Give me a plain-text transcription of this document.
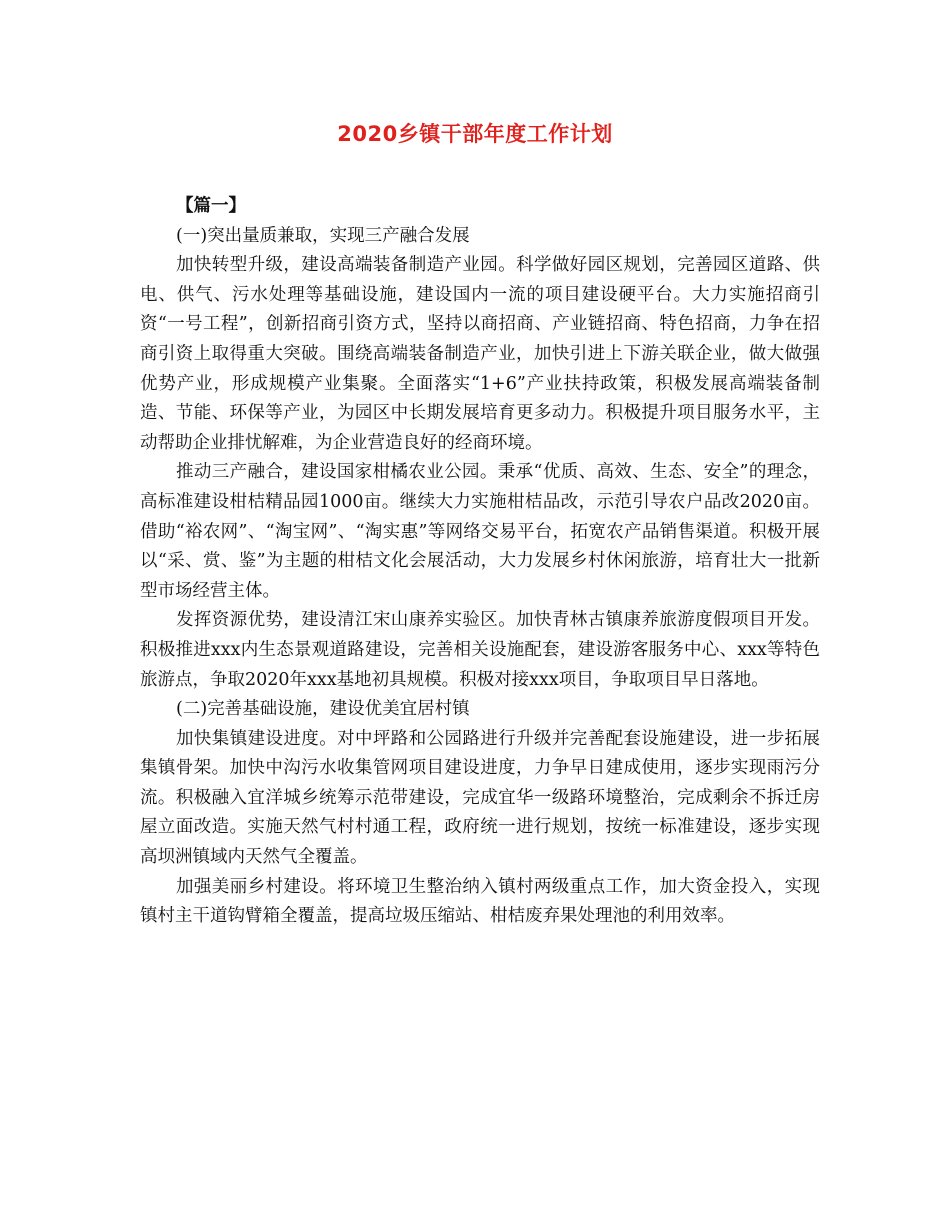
2020乡镇干部年度工作计划

【篇一】

(一)突出量质兼取，实现三产融合发展

加快转型升级，建设高端装备制造产业园。科学做好园区规划，完善园区道路、供电、供气、污水处理等基础设施，建设国内一流的项目建设硬平台。大力实施招商引资“一号工程”，创新招商引资方式，坚持以商招商、产业链招商、特色招商，力争在招商引资上取得重大突破。围绕高端装备制造产业，加快引进上下游关联企业，做大做强优势产业，形成规模产业集聚。全面落实“1+6”产业扶持政策，积极发展高端装备制造、节能、环保等产业，为园区中长期发展培育更多动力。积极提升项目服务水平，主动帮助企业排忧解难，为企业营造良好的经商环境。

推动三产融合，建设国家柑橘农业公园。秉承“优质、高效、生态、安全”的理念，高标准建设柑桔精品园1000亩。继续大力实施柑桔品改，示范引导农户品改2020亩。借助“裕农网”、“淘宝网”、“淘实惠”等网络交易平台，拓宽农产品销售渠道。积极开展以“采、赏、鉴”为主题的柑桔文化会展活动，大力发展乡村休闲旅游，培育壮大一批新型市场经营主体。

发挥资源优势，建设清江宋山康养实验区。加快青林古镇康养旅游度假项目开发。积极推进xxx内生态景观道路建设，完善相关设施配套，建设游客服务中心、xxx等特色旅游点，争取2020年xxx基地初具规模。积极对接xxx项目，争取项目早日落地。

(二)完善基础设施，建设优美宜居村镇

加快集镇建设进度。对中坪路和公园路进行升级并完善配套设施建设，进一步拓展集镇骨架。加快中沟污水收集管网项目建设进度，力争早日建成使用，逐步实现雨污分流。积极融入宜洋城乡统筹示范带建设，完成宜华一级路环境整治，完成剩余不拆迁房屋立面改造。实施天然气村村通工程，政府统一进行规划，按统一标准建设，逐步实现高坝洲镇域内天然气全覆盖。

加强美丽乡村建设。将环境卫生整治纳入镇村两级重点工作，加大资金投入，实现镇村主干道钩臂箱全覆盖，提高垃圾压缩站、柑桔废弃果处理池的利用效率。
